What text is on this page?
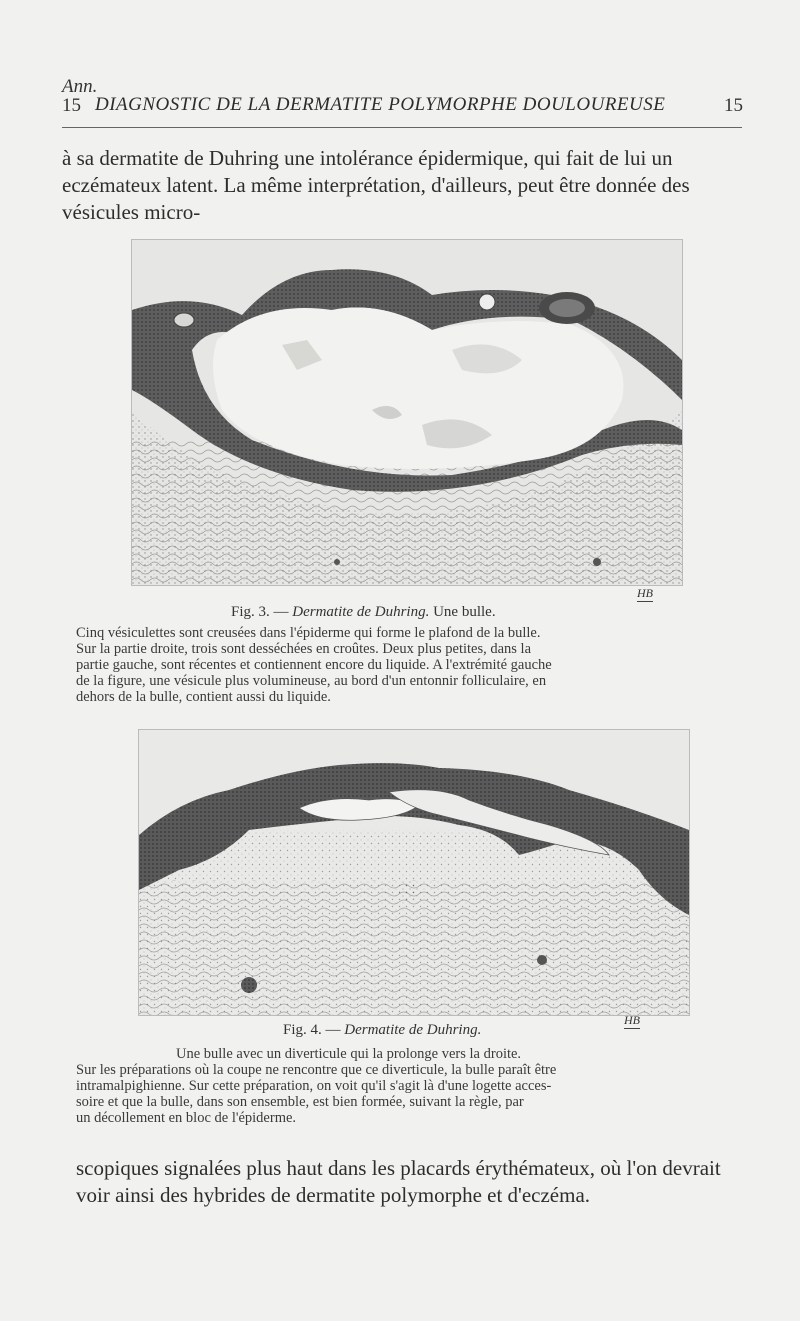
Ann.
15 DIAGNOSTIC DE LA DERMATITE POLYMORPHE DOULOUREUSE	15
à sa dermatite de Duhring une intolérance épidermique, qui fait de lui un eczémateux latent. La même interprétation, d'ailleurs, peut être donnée des vésicules micro-
HB
Fig. 3. — Dermatite de Duhring. Une bulle.
Cinq vésiculettes sont creusées dans l'épiderme qui forme le plafond de la bulle.
Sur la partie droite, trois sont desséchées en croûtes. Deux plus petites, dans la
partie gauche, sont récentes et contiennent encore du liquide. A l'extrémité gauche
de la figure, une vésicule plus volumineuse, au bord d'un entonnir folliculaire, en
dehors de la bulle, contient aussi du liquide.
HB
Fig. 4. — Dermatite de Duhring.
Une bulle avec un diverticule qui la prolonge vers la droite.
Sur les préparations où la coupe ne rencontre que ce diverticule, la bulle paraît être
intramalpighienne. Sur cette préparation, on voit qu'il s'agit là d'une logette acces-
soire et que la bulle, dans son ensemble, est bien formée, suivant la règle, par
un décollement en bloc de l'épiderme.
scopiques signalées plus haut dans les placards érythémateux, où l'on devrait voir ainsi des hybrides de dermatite polymorphe et d'eczéma.
